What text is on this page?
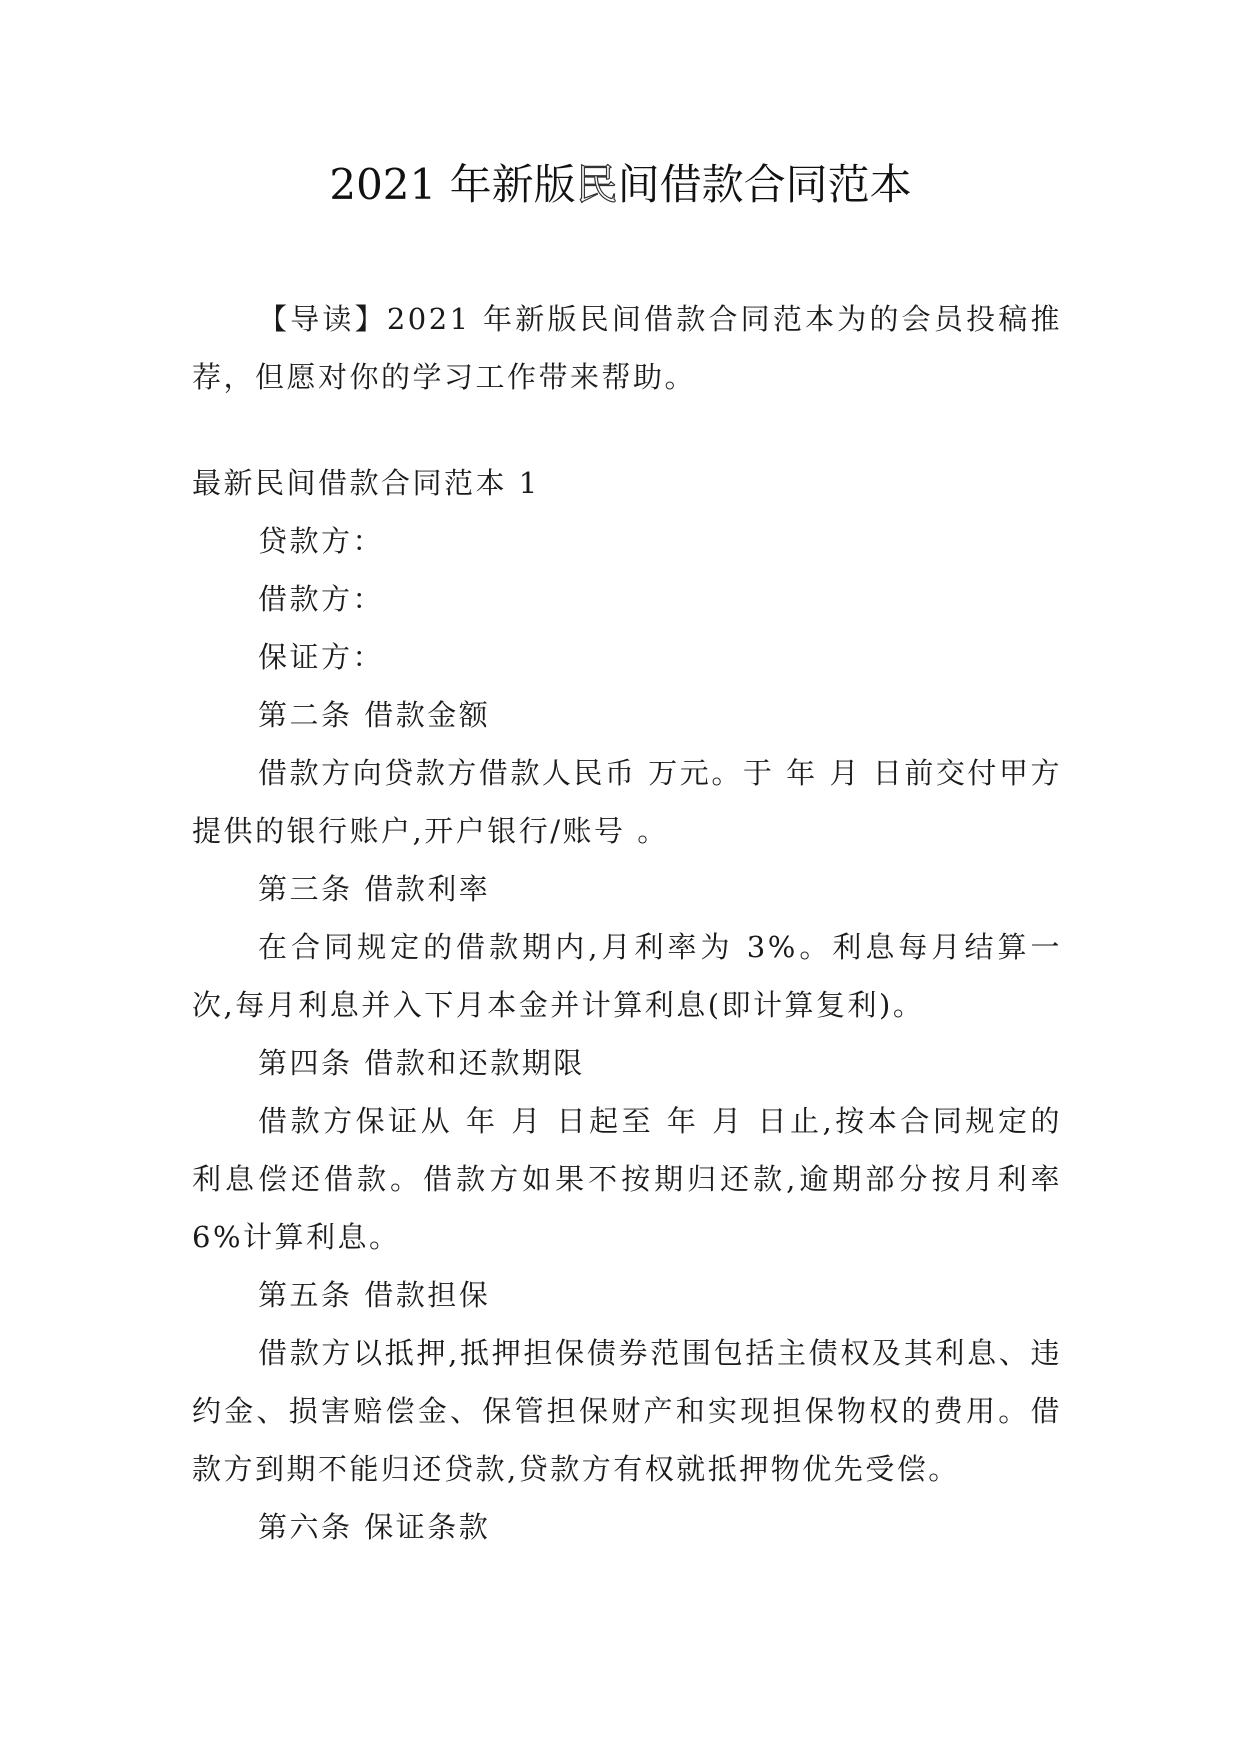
2021 年新版民间借款合同范本

【导读】2021 年新版民间借款合同范本为的会员投稿推荐，但愿对你的学习工作带来帮助。

最新民间借款合同范本 1

贷款方：

借款方：

保证方：

第二条 借款金额

借款方向贷款方借款人民币 万元。于 年 月 日前交付甲方提供的银行账户,开户银行/账号 。

第三条 借款利率

在合同规定的借款期内,月利率为 3%。利息每月结算一次,每月利息并入下月本金并计算利息(即计算复利)。

第四条 借款和还款期限

借款方保证从 年 月 日起至 年 月 日止,按本合同规定的利息偿还借款。借款方如果不按期归还款,逾期部分按月利率 6%计算利息。

第五条 借款担保

借款方以抵押,抵押担保债券范围包括主债权及其利息、违约金、损害赔偿金、保管担保财产和实现担保物权的费用。借款方到期不能归还贷款,贷款方有权就抵押物优先受偿。

第六条 保证条款
